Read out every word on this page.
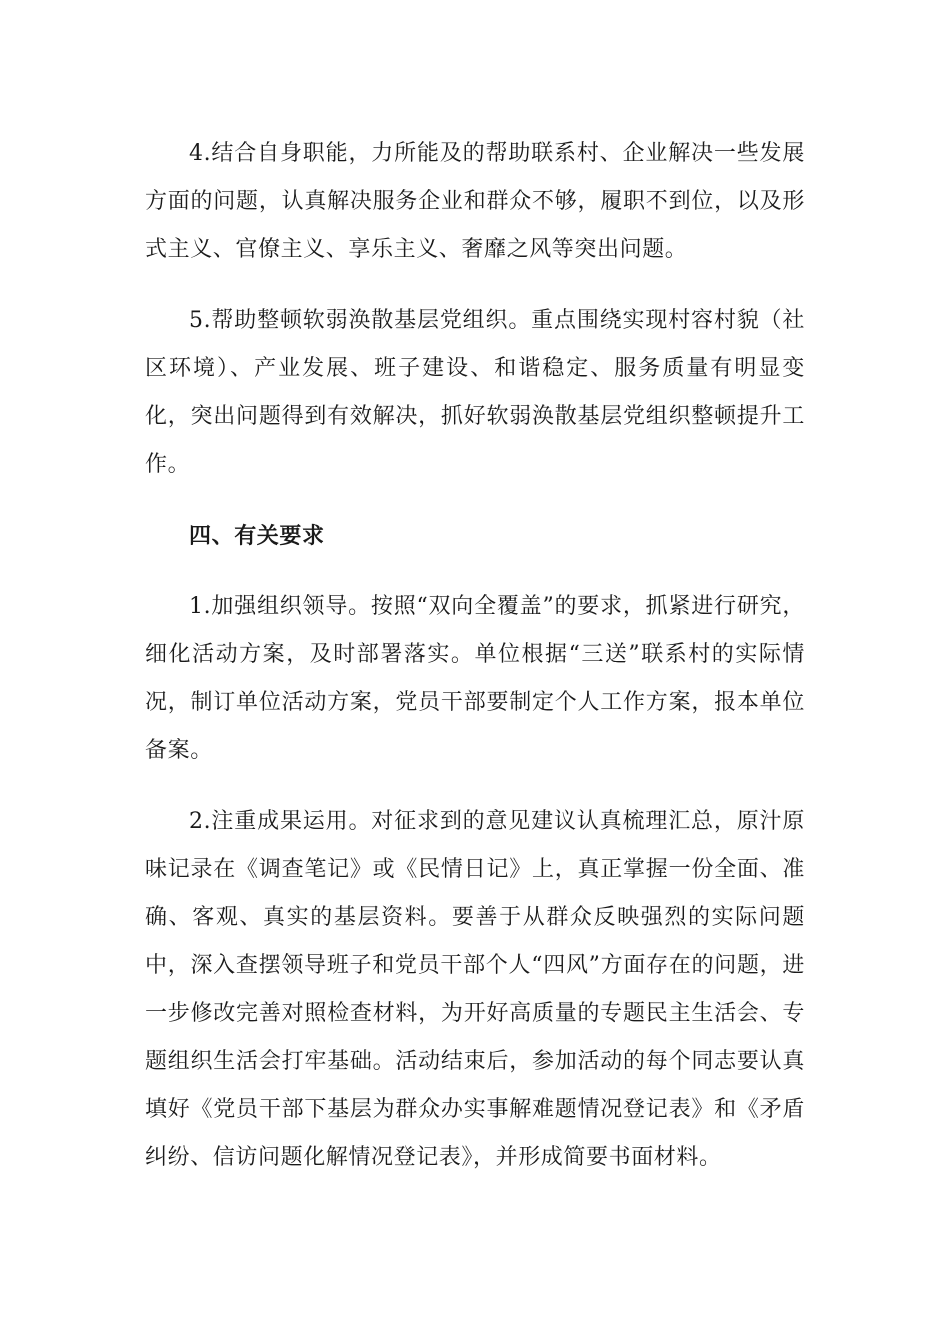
4.结合自身职能，力所能及的帮助联系村、企业解决一些发展方面的问题，认真解决服务企业和群众不够，履职不到位，以及形式主义、官僚主义、享乐主义、奢靡之风等突出问题。

5.帮助整顿软弱涣散基层党组织。重点围绕实现村容村貌（社区环境）、产业发展、班子建设、和谐稳定、服务质量有明显变化，突出问题得到有效解决，抓好软弱涣散基层党组织整顿提升工作。

四、有关要求

1.加强组织领导。按照“双向全覆盖”的要求，抓紧进行研究，细化活动方案，及时部署落实。单位根据“三送”联系村的实际情况，制订单位活动方案，党员干部要制定个人工作方案，报本单位备案。

2.注重成果运用。对征求到的意见建议认真梳理汇总，原汁原味记录在《调查笔记》或《民情日记》上，真正掌握一份全面、准确、客观、真实的基层资料。要善于从群众反映强烈的实际问题中，深入查摆领导班子和党员干部个人“四风”方面存在的问题，进一步修改完善对照检查材料，为开好高质量的专题民主生活会、专题组织生活会打牢基础。活动结束后，参加活动的每个同志要认真填好《党员干部下基层为群众办实事解难题情况登记表》和《矛盾纠纷、信访问题化解情况登记表》，并形成简要书面材料。
